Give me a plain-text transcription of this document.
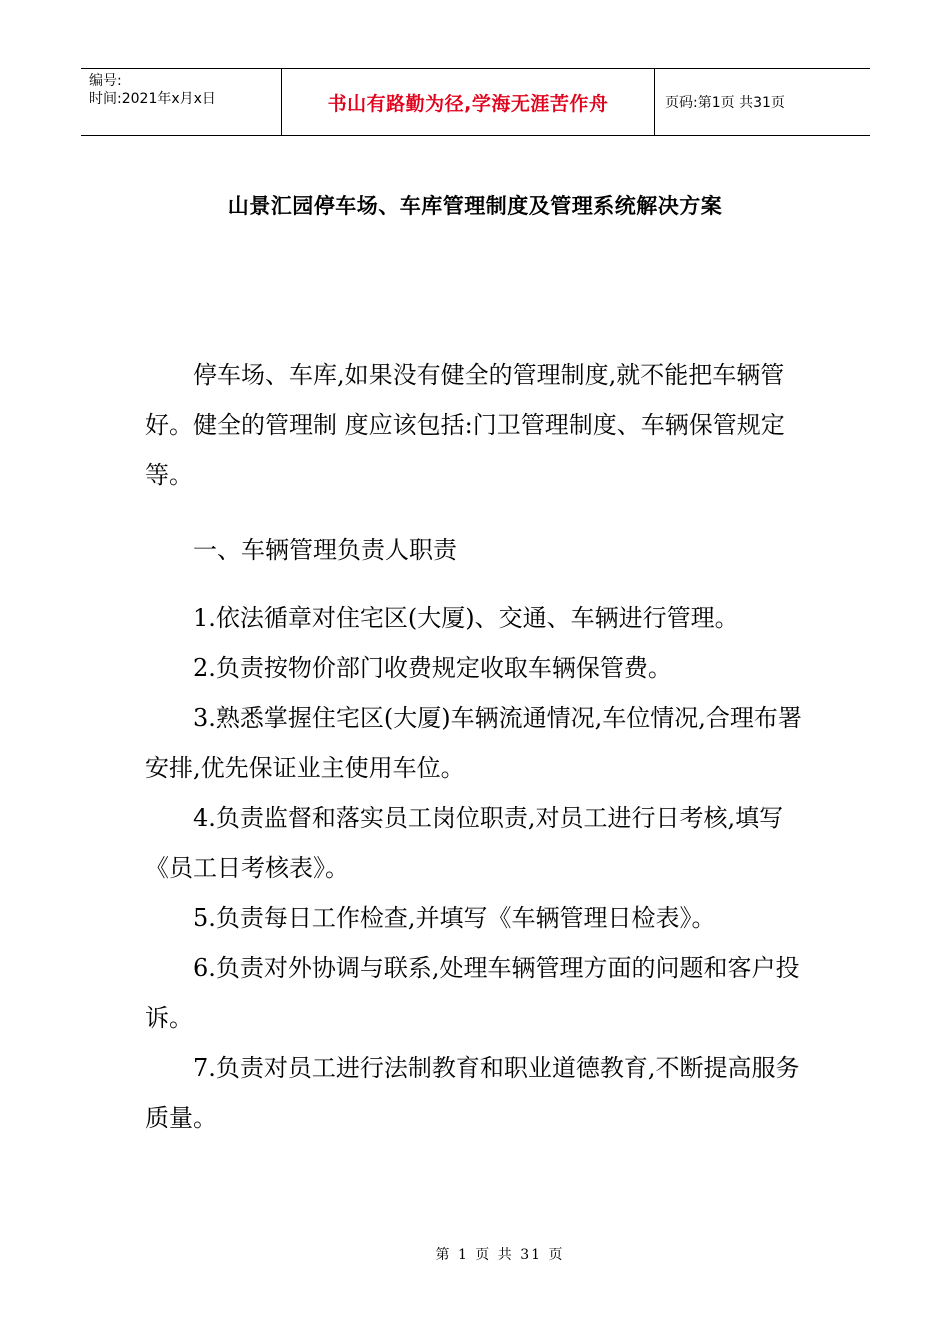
编号:
时间:2021年x月x日	书山有路勤为径,学海无涯苦作舟	页码:第1页 共31页
山景汇园停车场、车库管理制度及管理系统解决方案

停车场、车库,如果没有健全的管理制度,就不能把车辆管好。健全的管理制 度应该包括:门卫管理制度、车辆保管规定等。

一、车辆管理负责人职责

1.依法循章对住宅区(大厦)、交通、车辆进行管理。

2.负责按物价部门收费规定收取车辆保管费。

3.熟悉掌握住宅区(大厦)车辆流通情况,车位情况,合理布署安排,优先保证业主使用车位。

4.负责监督和落实员工岗位职责,对员工进行日考核,填写《员工日考核表》。

5.负责每日工作检查,并填写《车辆管理日检表》。

6.负责对外协调与联系,处理车辆管理方面的问题和客户投诉。

7.负责对员工进行法制教育和职业道德教育,不断提高服务质量。

第 1 页 共 31 页
